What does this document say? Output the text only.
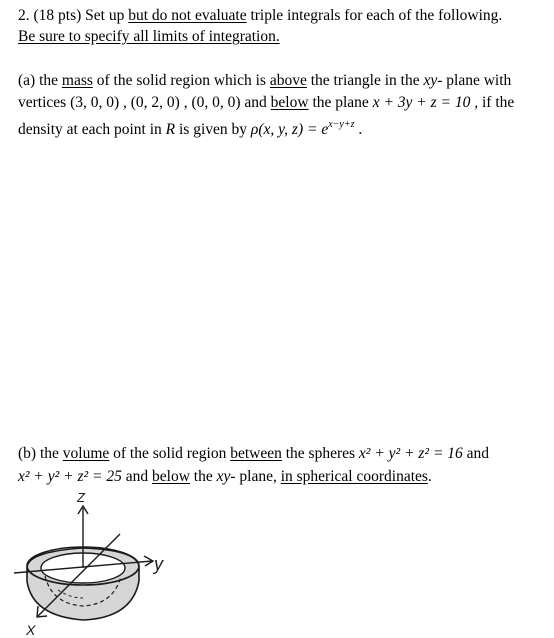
2. (18 pts) Set up but do not evaluate triple integrals for each of the following.
Be sure to specify all limits of integration.
(a) the mass of the solid region which is above the triangle in the xy- plane with
vertices (3, 0, 0) , (0, 2, 0) , (0, 0, 0) and below the plane x + 3y + z = 10 , if the
density at each point in R is given by ρ(x, y, $z) = e^{x-y+z}$ .
(b) the volume of the solid region between the spheres x² + y² + z² = 16 and
x² + y² + z² = 25 and below the xy- plane, in spherical coordinates.
Z
y
X
